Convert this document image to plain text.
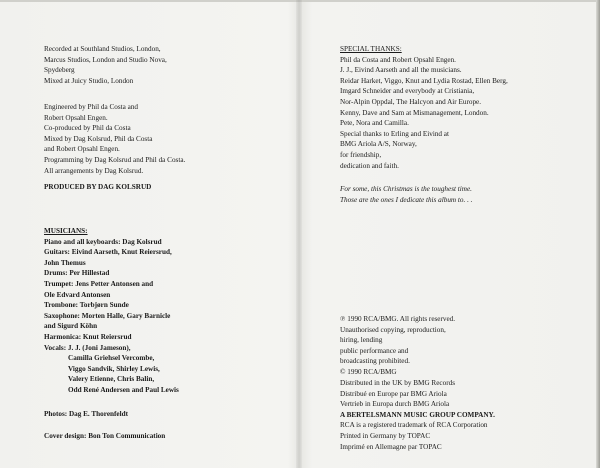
Recorded at Southland Studios, London,
Marcus Studios, London and Studio Nova,
Spydeberg
Mixed at Juicy Studio, London
Engineered by Phil da Costa and
Robert Opsahl Engen.
Co-produced by Phil da Costa
Mixed by Dag Kolsrud, Phil da Costa
and Robert Opsahl Engen.
Programming by Dag Kolsrud and Phil da Costa.
All arrangements by Dag Kolsrud.
PRODUCED BY DAG KOLSRUD
MUSICIANS:
Piano and all keyboards: Dag Kolsrud
Guitars: Eivind Aarseth, Knut Reiersrud,
John Themus
Drums: Per Hillestad
Trumpet: Jens Petter Antonsen and
Ole Edvard Antonsen
Trombone: Torbjørn Sunde
Saxophone: Morten Halle, Gary Barnicle
and Sigurd Köhn
Harmonica: Knut Reiersrud
Vocals: J. J. (Joni Jameson),
Camilla Griehsel Vercombe,
Viggo Sandvik, Shirley Lewis,
Valery Etienne, Chris Balin,
Odd René Andersen and Paul Lewis
Photos: Dag E. Thorenfeldt
Cover design: Bon Ton Communication
SPECIAL THANKS:
Phil da Costa and Robert Opsahl Engen.
J. J., Eivind Aarseth and all the musicians.
Reidar Harket, Viggo, Knut and Lydia Rostad, Ellen Berg,
Imgard Schneider and everybody at Cristiania,
Nor-Alpin Oppdal, The Halcyon and Air Europe.
Kenny, Dave and Sam at Mismanagement, London.
Pete, Nora and Camilla.
Special thanks to Erling and Eivind at
BMG Ariola A/S, Norway,
for friendship,
dedication and faith.
For some, this Christmas is the toughest time.
Those are the ones I dedicate this album to. . .
℗ 1990 RCA/BMG. All rights reserved.
Unauthorised copying, reproduction,
hiring, lending
public performance and
broadcasting prohibited.
© 1990 RCA/BMG
Distributed in the UK by BMG Records
Distribué en Europe par BMG Ariola
Vertrieb in Europa durch BMG Ariola
A BERTELSMANN MUSIC GROUP COMPANY.
RCA is a registered trademark of RCA Corporation
Printed in Germany by TOPAC
Imprimé en Allemagne par TOPAC
